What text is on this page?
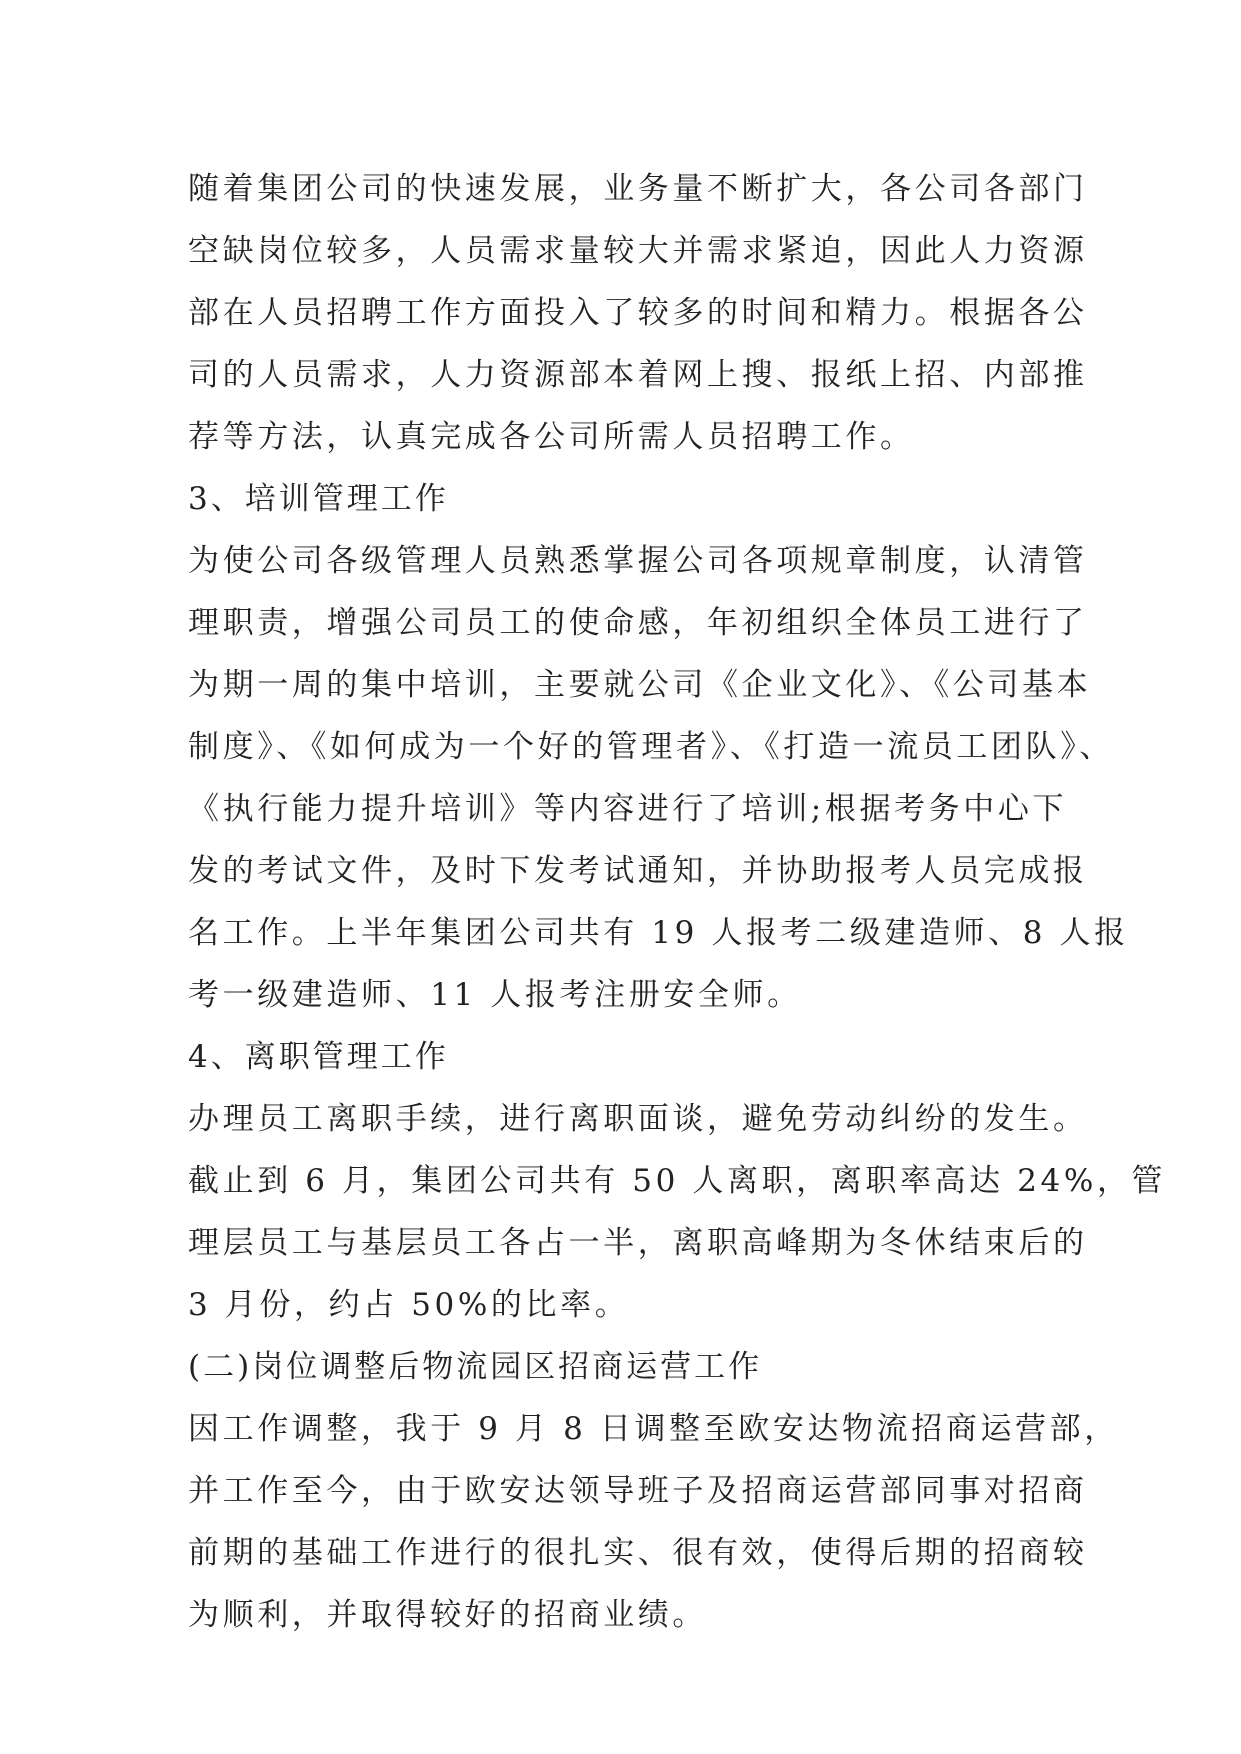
随着集团公司的快速发展，业务量不断扩大，各公司各部门
空缺岗位较多，人员需求量较大并需求紧迫，因此人力资源
部在人员招聘工作方面投入了较多的时间和精力。根据各公
司的人员需求，人力资源部本着网上搜、报纸上招、内部推
荐等方法，认真完成各公司所需人员招聘工作。
3、培训管理工作
为使公司各级管理人员熟悉掌握公司各项规章制度，认清管
理职责，增强公司员工的使命感，年初组织全体员工进行了
为期一周的集中培训，主要就公司《企业文化》、《公司基本
制度》、《如何成为一个好的管理者》、《打造一流员工团队》、
《执行能力提升培训》等内容进行了培训;根据考务中心下
发的考试文件，及时下发考试通知，并协助报考人员完成报
名工作。上半年集团公司共有 19 人报考二级建造师、8 人报
考一级建造师、11 人报考注册安全师。
4、离职管理工作
办理员工离职手续，进行离职面谈，避免劳动纠纷的发生。
截止到 6 月，集团公司共有 50 人离职，离职率高达 24%，管
理层员工与基层员工各占一半，离职高峰期为冬休结束后的
3 月份，约占 50%的比率。
(二)岗位调整后物流园区招商运营工作
因工作调整，我于 9 月 8 日调整至欧安达物流招商运营部，
并工作至今，由于欧安达领导班子及招商运营部同事对招商
前期的基础工作进行的很扎实、很有效，使得后期的招商较
为顺利，并取得较好的招商业绩。
